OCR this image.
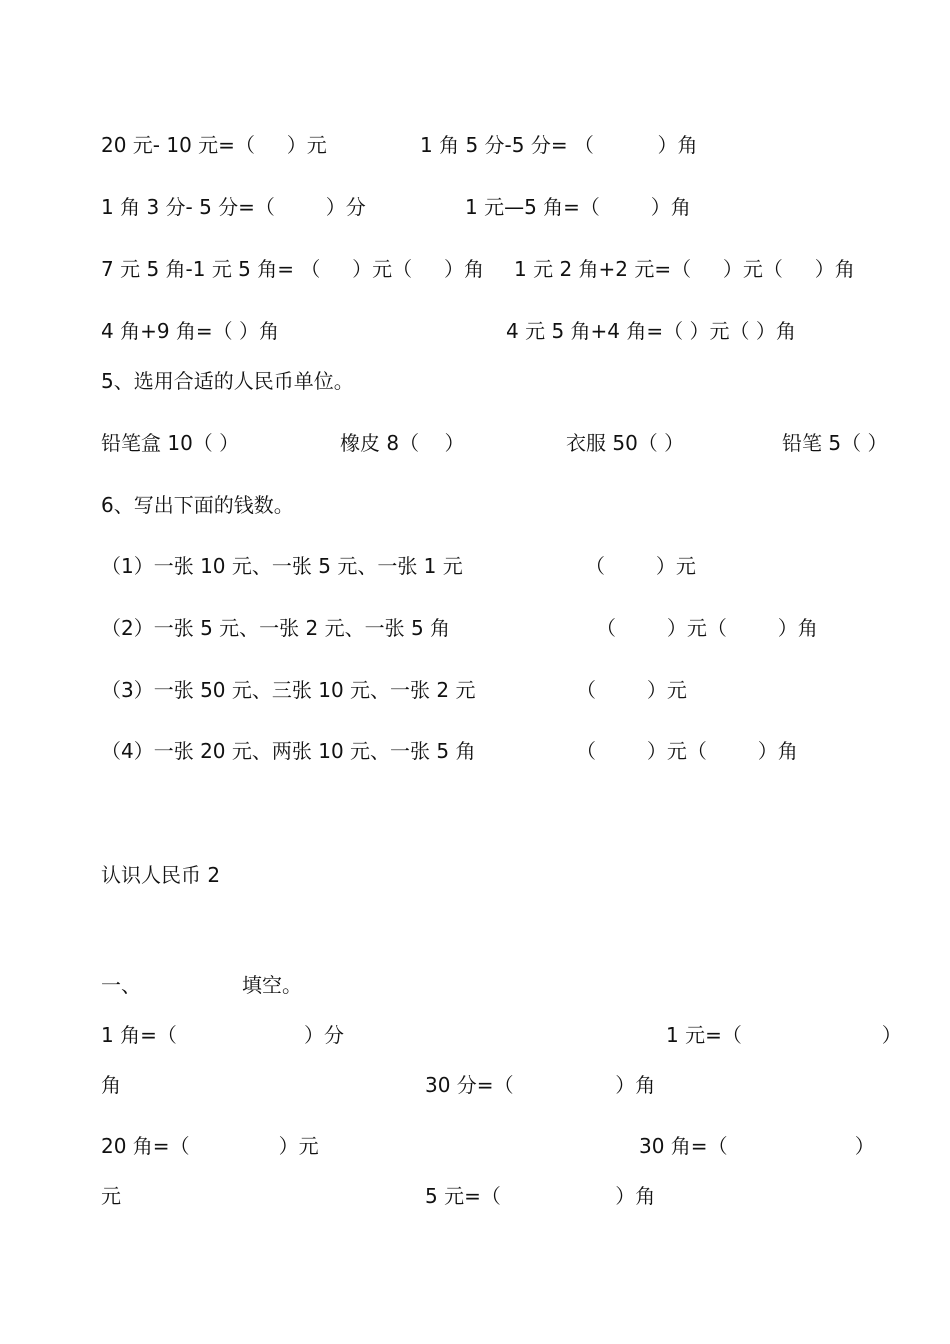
20 元- 10 元=（     ）元	1 角 5 分-5 分= （          ）角
1 角 3 分- 5 分=（        ）分	1 元—5 角=（        ）角
7 元 5 角-1 元 5 角= （     ）元（     ）角 1 元 2 角+2 元=（     ）元（     ）角
4 角+9 角=（ ）角	4 元 5 角+4 角=（ ）元（ ）角
5、选用合适的人民币单位。
铅笔盒 10（ ）	橡皮 8（    ）	衣服 50（ ）	铅笔 5（ ）
6、写出下面的钱数。
（1）一张 10 元、一张 5 元、一张 1 元	（        ）元
（2）一张 5 元、一张 2 元、一张 5 角	（        ）元（        ）角
（3）一张 50 元、三张 10 元、一张 2 元	（        ）元
（4）一张 20 元、两张 10 元、一张 5 角	（        ）元（        ）角
认识人民币 2
一、	填空。
1 角=（                    ）分	1 元=（                      ）
角	30 分=（                ）角
20 角=（              ）元	30 角=（                    ）
元	5 元=（                  ）角
